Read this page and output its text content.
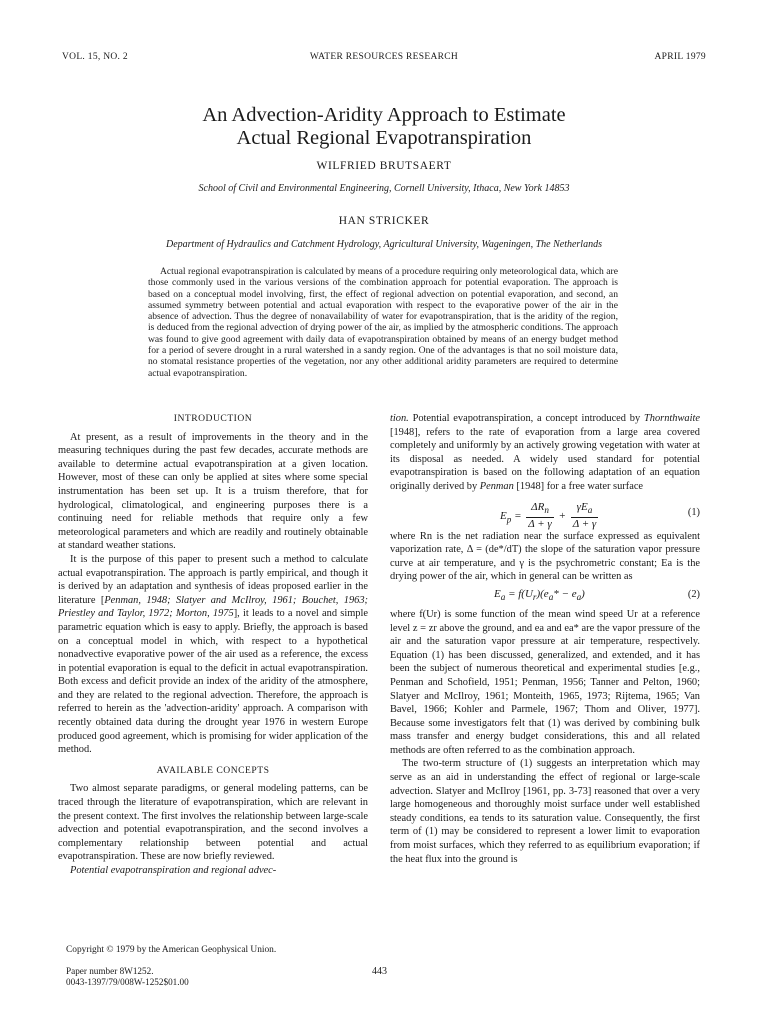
VOL. 15, NO. 2	WATER RESOURCES RESEARCH	APRIL 1979
An Advection-Aridity Approach to Estimate
Actual Regional Evapotranspiration
WILFRIED BRUTSAERT
School of Civil and Environmental Engineering, Cornell University, Ithaca, New York 14853
HAN STRICKER
Department of Hydraulics and Catchment Hydrology, Agricultural University, Wageningen, The Netherlands
Actual regional evapotranspiration is calculated by means of a procedure requiring only meteorological data, which are those commonly used in the various versions of the combination approach for potential evaporation. The approach is based on a conceptual model involving, first, the effect of regional advection on potential evaporation, and second, an assumed symmetry between potential and actual evaporation with respect to the evaporative power of the air in the absence of advection. Thus the degree of nonavailability of water for evapotranspiration, that is the aridity of the region, is deduced from the regional advection of drying power of the air, as implied by the atmospheric conditions. The approach was found to give good agreement with daily data of evapotranspiration obtained by means of an energy budget method for a period of severe drought in a rural watershed in a sandy region. One of the advantages is that no soil moisture data, no stomatal resistance properties of the vegetation, nor any other additional aridity parameters are required to determine actual evapotranspiration.
INTRODUCTION

At present, as a result of improvements in the theory and in the measuring techniques during the past few decades, accurate methods are available to determine actual evapotranspiration at a given location. However, most of these can only be applied at sites where some special instrumentation has been set up. It is a truism therefore, that for hydrological, climatological, and engineering purposes there is a continuing need for reliable methods that require only a few meteorological parameters and which are readily and routinely obtainable at standard weather stations.

It is the purpose of this paper to present such a method to calculate actual evapotranspiration. The approach is partly empirical, and though it is derived by an adaptation and synthesis of ideas proposed earlier in the literature [Penman, 1948; Slatyer and McIlroy, 1961; Bouchet, 1963; Priestley and Taylor, 1972; Morton, 1975], it leads to a novel and simple parametric equation which is easy to apply. Briefly, the approach is based on a conceptual model in which, with respect to a hypothetical nonadvective evaporative power of the air used as a reference, the excess in potential evaporation is equal to the deficit in actual evapotranspiration. Both excess and deficit provide an index of the aridity of the atmosphere, and they are related to the regional advection. Therefore, the approach is referred to herein as the 'advection-aridity' approach. A comparison with recently obtained data during the drought year 1976 in western Europe produced good agreement, which is promising for wider application of the method.

AVAILABLE CONCEPTS

Two almost separate paradigms, or general modeling patterns, can be traced through the literature of evapotranspiration, which are relevant in the present context. The first involves the relationship between large-scale advection and potential evapotranspiration, and the second involves a complementary relationship between potential and actual evapotranspiration. These are now briefly reviewed.

Potential evapotranspiration and regional advec-

tion. Potential evapotranspiration, a concept introduced by Thornthwaite [1948], refers to the rate of evaporation from a large area covered completely and uniformly by an actively growing vegetation with water at its disposal as needed. A widely used standard for potential evapotranspiration is based on the following adaptation of an equation originally derived by Penman [1948] for a free water surface

$E_p = \frac{\Delta R_n}{\Delta + \gamma} + \frac{\gamma E_a}{\Delta + \gamma}$	(1)

where Rn is the net radiation near the surface expressed as equivalent vaporization rate, Δ = (de*/dT) the slope of the saturation vapor pressure curve at air temperature, and γ is the psychrometric constant; Ea is the drying power of the air, which in general can be written as

$E_a = f(U_r)(e_a* - e_a)$	(2)

where f(Ur) is some function of the mean wind speed Ur at a reference level z = zr above the ground, and ea and ea* are the vapor pressure of the air and the saturation vapor pressure at air temperature, respectively. Equation (1) has been discussed, generalized, and extended, and it has been the subject of numerous theoretical and experimental studies [e.g., Penman and Schofield, 1951; Penman, 1956; Tanner and Pelton, 1960; Slatyer and McIlroy, 1961; Monteith, 1965, 1973; Rijtema, 1965; Van Bavel, 1966; Kohler and Parmele, 1967; Thom and Oliver, 1977]. Because some investigators felt that (1) was derived by combining bulk mass transfer and energy budget considerations, this and all related methods are often referred to as the combination approach.

The two-term structure of (1) suggests an interpretation which may serve as an aid in understanding the effect of regional or large-scale advection. Slatyer and McIlroy [1961, pp. 3-73] reasoned that over a very large homogeneous and thoroughly moist surface under well established steady conditions, ea tends to its saturation value. Consequently, the first term of (1) may be considered to represent a lower limit to evaporation from moist surfaces, which they referred to as equilibrium evaporation; if the heat flux into the ground is

Copyright © 1979 by the American Geophysical Union.
Paper number 8W1252.
0043-1397/79/008W-1252$01.00
443
